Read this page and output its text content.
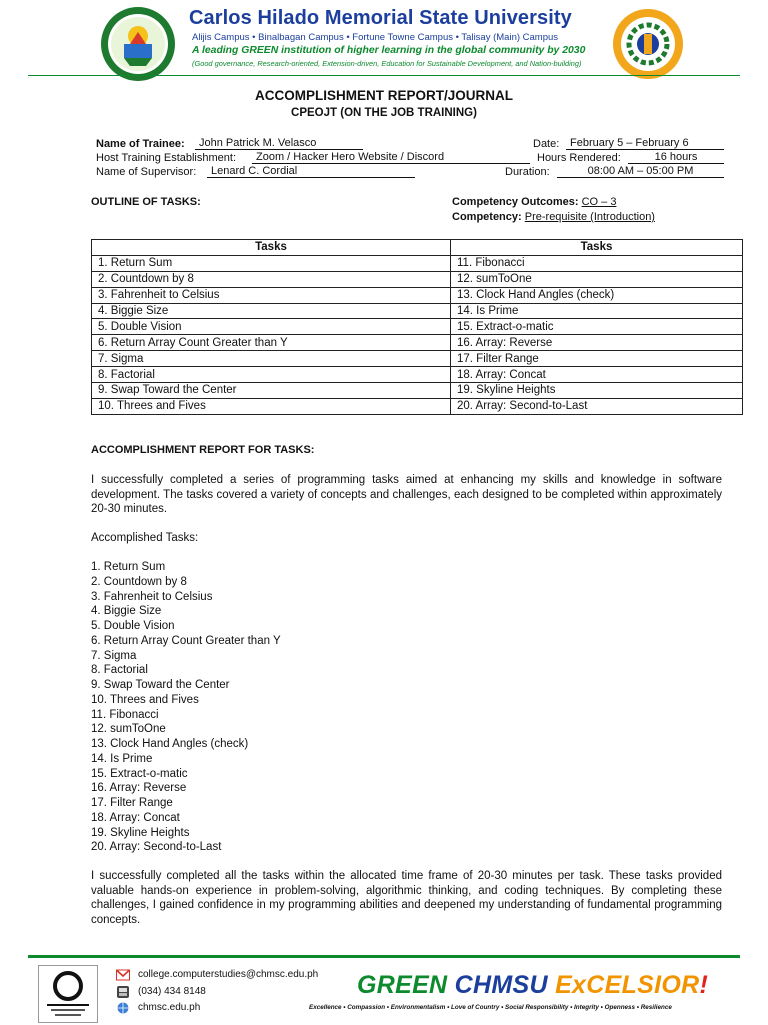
Carlos Hilado Memorial State University
Alijis Campus • Binalbagan Campus • Fortune Towne Campus • Talisay (Main) Campus
A leading GREEN institution of higher learning in the global community by 2030
(Good governance, Research-oriented, Extension-driven, Education for Sustainable Development, and Nation-building)
ACCOMPLISHMENT REPORT/JOURNAL
CPEOJT (ON THE JOB TRAINING)
Name of Trainee:	John Patrick M. Velasco	Date: February 5 – February 6
Host Training Establishment:	Zoom / Hacker Hero Website / Discord	Hours Rendered:	16 hours
Name of Supervisor:	Lenard C. Cordial	Duration:	08:00 AM – 05:00 PM
OUTLINE OF TASKS:	Competency Outcomes: CO – 3
Competency: Pre-requisite (Introduction)
Tasks	Tasks
1. Return Sum	11. Fibonacci
2. Countdown by 8	12. sumToOne
3. Fahrenheit to Celsius	13. Clock Hand Angles (check)
4. Biggie Size	14. Is Prime
5. Double Vision	15. Extract-o-matic
6. Return Array Count Greater than Y	16. Array: Reverse
7. Sigma	17. Filter Range
8. Factorial	18. Array: Concat
9. Swap Toward the Center	19. Skyline Heights
10. Threes and Fives	20. Array: Second-to-Last
ACCOMPLISHMENT REPORT FOR TASKS:
I successfully completed a series of programming tasks aimed at enhancing my skills and knowledge in software development. The tasks covered a variety of concepts and challenges, each designed to be completed within approximately 20-30 minutes.
Accomplished Tasks:
1. Return Sum
2. Countdown by 8
3. Fahrenheit to Celsius
4. Biggie Size
5. Double Vision
6. Return Array Count Greater than Y
7. Sigma
8. Factorial
9. Swap Toward the Center
10. Threes and Fives
11. Fibonacci
12. sumToOne
13. Clock Hand Angles (check)
14. Is Prime
15. Extract-o-matic
16. Array: Reverse
17. Filter Range
18. Array: Concat
19. Skyline Heights
20. Array: Second-to-Last
I successfully completed all the tasks within the allocated time frame of 20-30 minutes per task. These tasks provided valuable hands-on experience in problem-solving, algorithmic thinking, and coding techniques. By completing these challenges, I gained confidence in my programming abilities and deepened my understanding of fundamental programming concepts.
college.computerstudies@chmsc.edu.ph
(034) 434 8148
chmsc.edu.ph
GREEN CHMSU ExCELSIOR!
Excellence • Compassion • Environmentalism • Love of Country • Social Responsibility • Integrity • Openness • Resilience
